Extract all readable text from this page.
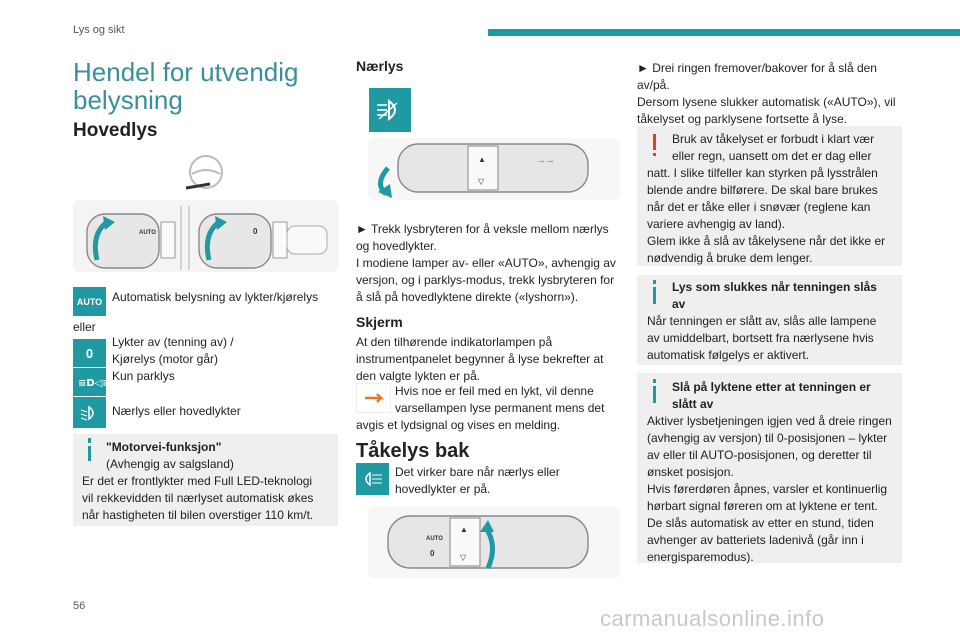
Lys og sikt
Hendel for utvendig
belysning
Hovedlys
AUTO	0
AUTO Automatisk belysning av lykter/kjørelys
eller
0
Lykter av (tenning av) /
Kjørelys (motor går)
≡D◁≡
Kun parklys
Nærlys eller hovedlykter
"Motorvei-funksjon"
(Avhengig av salgsland)
Er det er frontlykter med Full LED-teknologi
vil rekkevidden til nærlyset automatisk økes
når hastigheten til bilen overstiger 110 km/t.
Nærlys
▲
▽
⊸ ⊸
► Trekk lysbryteren for å veksle mellom nærlys
og hovedlykter.
I modiene lamper av- eller «AUTO», avhengig av
versjon, og i parklys-modus, trekk lysbryteren for
å slå på hovedlyktene direkte («lyshorn»).
Skjerm
At den tilhørende indikatorlampen på
instrumentpanelet begynner å lyse bekrefter at
den valgte lykten er på.
Hvis noe er feil med en lykt, vil denne
varsellampen lyse permanent mens det
avgis et lydsignal og vises en melding.
Tåkelys bak
Det virker bare når nærlys eller
hovedlykter er på.
AUTO
0
▲
▽
► Drei ringen fremover/bakover for å slå den
av/på.
Dersom lysene slukker automatisk («AUTO»), vil
tåkelyset og parklysene fortsette å lyse.
Bruk av tåkelyset er forbudt i klart vær
eller regn, uansett om det er dag eller
natt. I slike tilfeller kan styrken på lysstrålen
blende andre bilførere. De skal bare brukes
når det er tåke eller i snøvær (reglene kan
variere avhengig av land).
Glem ikke å slå av tåkelysene når det ikke er
nødvendig å bruke dem lenger.
Lys som slukkes når tenningen slås
av
Når tenningen er slått av, slås alle lampene
av umiddelbart, bortsett fra nærlysene hvis
automatisk følgelys er aktivert.
Slå på lyktene etter at tenningen er
slått av
Aktiver lysbetjeningen igjen ved å dreie ringen
(avhengig av versjon) til 0-posisjonen – lykter
av eller til AUTO-posisjonen, og deretter til
ønsket posisjon.
Hvis førerdøren åpnes, varsler et kontinuerlig
hørbart signal føreren om at lyktene er tent.
De slås automatisk av etter en stund, tiden
avhenger av batteriets ladenivå (går inn i
energisparemodus).
56	carmanualsonline.info
